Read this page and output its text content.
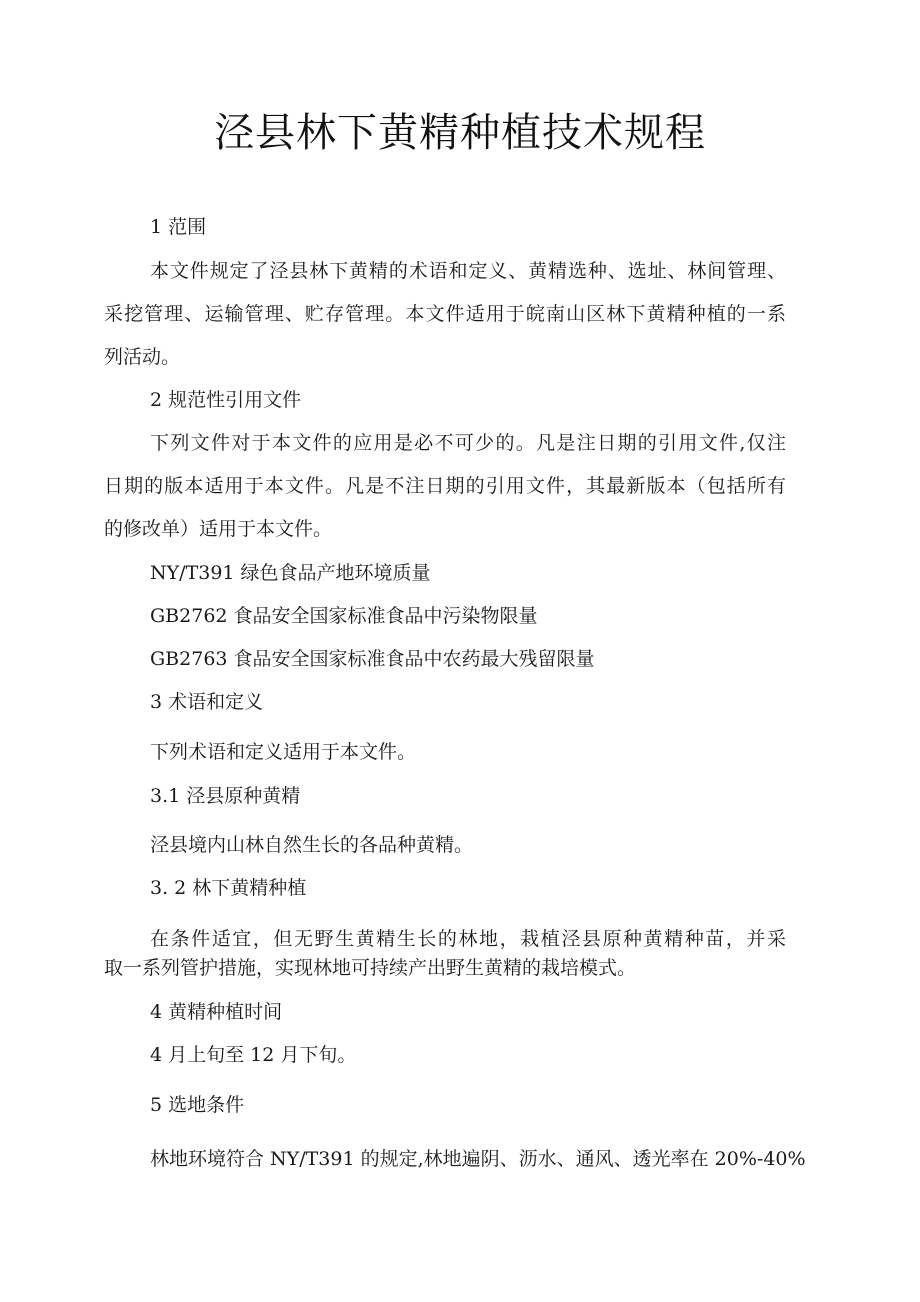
泾县林下黄精种植技术规程
1 范围
本文件规定了泾县林下黄精的术语和定义、黄精选种、选址、林间管理、
采挖管理、运输管理、贮存管理。本文件适用于皖南山区林下黄精种植的一系
列活动。
2 规范性引用文件
下列文件对于本文件的应用是必不可少的。凡是注日期的引用文件,仅注
日期的版本适用于本文件。凡是不注日期的引用文件，其最新版本（包括所有
的修改单）适用于本文件。
NY/T391 绿色食品产地环境质量
GB2762 食品安全国家标准食品中污染物限量
GB2763 食品安全国家标准食品中农药最大残留限量
3 术语和定义
下列术语和定义适用于本文件。
3.1 泾县原种黄精
泾县境内山林自然生长的各品种黄精。
3. 2 林下黄精种植
在条件适宜，但无野生黄精生长的林地，栽植泾县原种黄精种苗，并采
取一系列管护措施，实现林地可持续产出野生黄精的栽培模式。
4 黄精种植时间
4 月上旬至 12 月下旬。
5 选地条件
林地环境符合 NY/T391 的规定,林地遍阴、沥水、通风、透光率在 20%-40%
